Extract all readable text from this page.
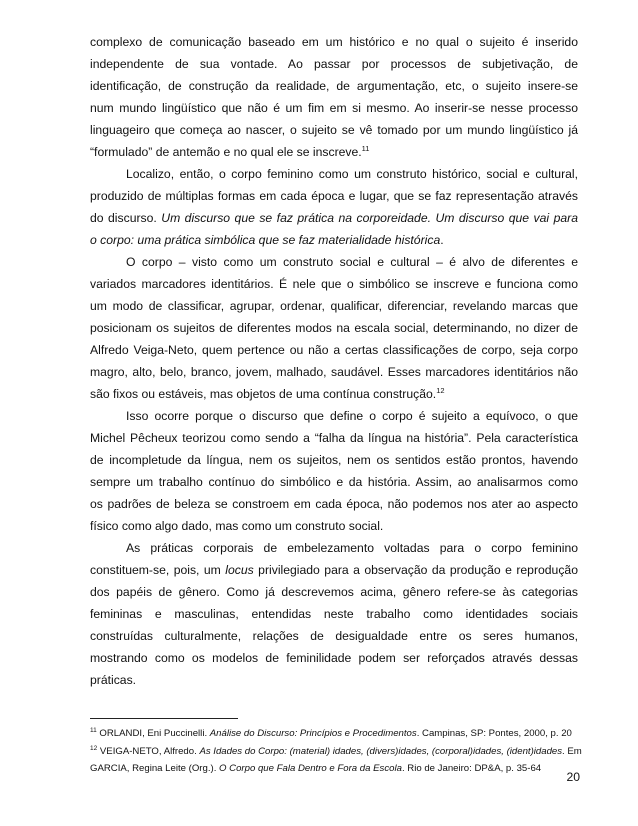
complexo de comunicação baseado em um histórico e no qual o sujeito é inserido
independente de sua vontade. Ao passar por processos de subjetivação, de
identificação, de construção da realidade, de argumentação, etc, o sujeito insere-se
num mundo lingüístico que não é um fim em si mesmo. Ao inserir-se nesse processo
linguageiro que começa ao nascer, o sujeito se vê tomado por um mundo lingüístico já
“formulado” de antemão e no qual ele se inscreve.$^{11}$
Localizo, então, o corpo feminino como um construto histórico, social e cultural,
produzido de múltiplas formas em cada época e lugar, que se faz representação através
do discurso. Um discurso que se faz prática na corporeidade. Um discurso que vai para
o corpo: uma prática simbólica que se faz materialidade histórica.
O corpo – visto como um construto social e cultural – é alvo de diferentes e
variados marcadores identitários. É nele que o simbólico se inscreve e funciona como
um modo de classificar, agrupar, ordenar, qualificar, diferenciar, revelando marcas que
posicionam os sujeitos de diferentes modos na escala social, determinando, no dizer de
Alfredo Veiga-Neto, quem pertence ou não a certas classificações de corpo, seja corpo
magro, alto, belo, branco, jovem, malhado, saudável. Esses marcadores identitários não
são fixos ou estáveis, mas objetos de uma contínua construção.$^{12}$
Isso ocorre porque o discurso que define o corpo é sujeito a equívoco, o que
Michel Pêcheux teorizou como sendo a “falha da língua na história”. Pela característica
de incompletude da língua, nem os sujeitos, nem os sentidos estão prontos, havendo
sempre um trabalho contínuo do simbólico e da história. Assim, ao analisarmos como
os padrões de beleza se constroem em cada época, não podemos nos ater ao aspecto
físico como algo dado, mas como um construto social.
As práticas corporais de embelezamento voltadas para o corpo feminino
constituem-se, pois, um locus privilegiado para a observação da produção e reprodução
dos papéis de gênero. Como já descrevemos acima, gênero refere-se às categorias
femininas e masculinas, entendidas neste trabalho como identidades sociais
construídas culturalmente, relações de desigualdade entre os seres humanos,
mostrando como os modelos de feminilidade podem ser reforçados através dessas
práticas.
$^{11}$ ORLANDI, Eni Puccinelli. Análise do Discurso: Princípios e Procedimentos. Campinas, SP: Pontes, 2000, p. 20
$^{12}$ VEIGA-NETO, Alfredo. As Idades do Corpo: (material) idades, (divers)idades, (corporal)idades, (ident)idades. Em
GARCIA, Regina Leite (Org.). O Corpo que Fala Dentro e Fora da Escola. Rio de Janeiro: DP&A, p. 35-64
20
